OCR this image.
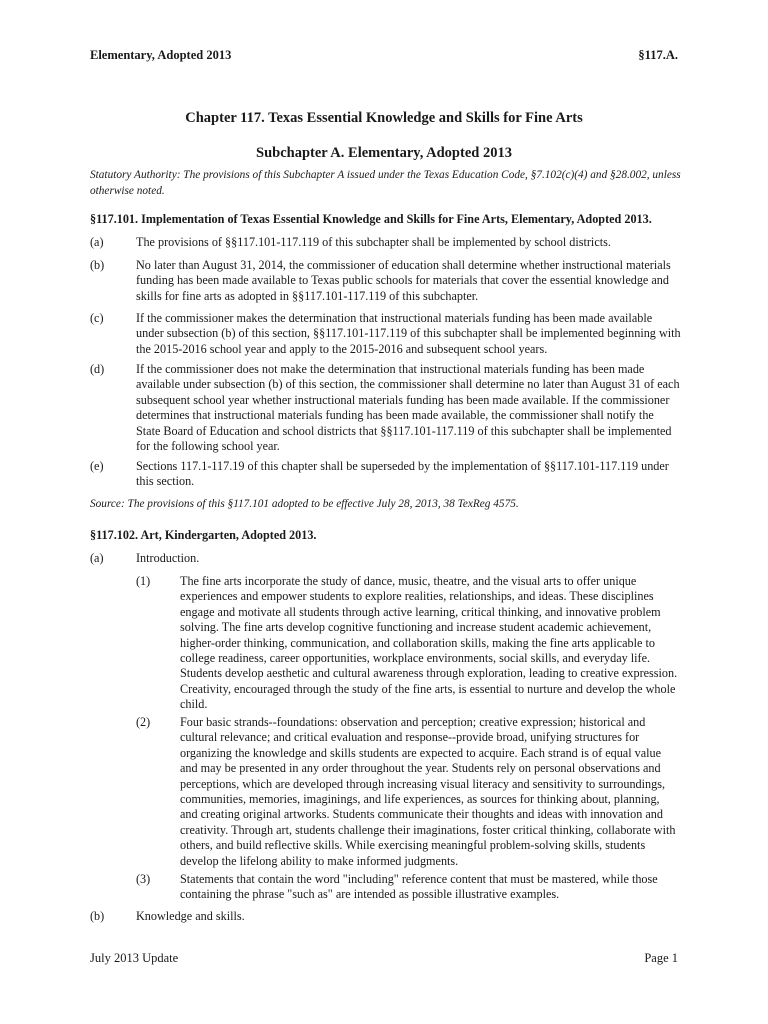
Elementary, Adopted 2013	§117.A.
Chapter 117. Texas Essential Knowledge and Skills for Fine Arts
Subchapter A. Elementary, Adopted 2013
Statutory Authority: The provisions of this Subchapter A issued under the Texas Education Code, §7.102(c)(4) and §28.002, unless otherwise noted.
§117.101. Implementation of Texas Essential Knowledge and Skills for Fine Arts, Elementary, Adopted 2013.
(a)	The provisions of §§117.101-117.119 of this subchapter shall be implemented by school districts.
(b)	No later than August 31, 2014, the commissioner of education shall determine whether instructional materials funding has been made available to Texas public schools for materials that cover the essential knowledge and skills for fine arts as adopted in §§117.101-117.119 of this subchapter.
(c)	If the commissioner makes the determination that instructional materials funding has been made available under subsection (b) of this section, §§117.101-117.119 of this subchapter shall be implemented beginning with the 2015-2016 school year and apply to the 2015-2016 and subsequent school years.
(d)	If the commissioner does not make the determination that instructional materials funding has been made available under subsection (b) of this section, the commissioner shall determine no later than August 31 of each subsequent school year whether instructional materials funding has been made available. If the commissioner determines that instructional materials funding has been made available, the commissioner shall notify the State Board of Education and school districts that §§117.101-117.119 of this subchapter shall be implemented for the following school year.
(e)	Sections 117.1-117.19 of this chapter shall be superseded by the implementation of §§117.101-117.119 under this section.
Source: The provisions of this §117.101 adopted to be effective July 28, 2013, 38 TexReg 4575.
§117.102. Art, Kindergarten, Adopted 2013.
(a)	Introduction.
(1) The fine arts incorporate the study of dance, music, theatre, and the visual arts to offer unique experiences and empower students to explore realities, relationships, and ideas. These disciplines engage and motivate all students through active learning, critical thinking, and innovative problem solving. The fine arts develop cognitive functioning and increase student academic achievement, higher-order thinking, communication, and collaboration skills, making the fine arts applicable to college readiness, career opportunities, workplace environments, social skills, and everyday life. Students develop aesthetic and cultural awareness through exploration, leading to creative expression. Creativity, encouraged through the study of the fine arts, is essential to nurture and develop the whole child.
(2) Four basic strands--foundations: observation and perception; creative expression; historical and cultural relevance; and critical evaluation and response--provide broad, unifying structures for organizing the knowledge and skills students are expected to acquire. Each strand is of equal value and may be presented in any order throughout the year. Students rely on personal observations and perceptions, which are developed through increasing visual literacy and sensitivity to surroundings, communities, memories, imaginings, and life experiences, as sources for thinking about, planning, and creating original artworks. Students communicate their thoughts and ideas with innovation and creativity. Through art, students challenge their imaginations, foster critical thinking, collaborate with others, and build reflective skills. While exercising meaningful problem-solving skills, students develop the lifelong ability to make informed judgments.
(3) Statements that contain the word "including" reference content that must be mastered, while those containing the phrase "such as" are intended as possible illustrative examples.
(b)	Knowledge and skills.
July 2013 Update	Page 1
